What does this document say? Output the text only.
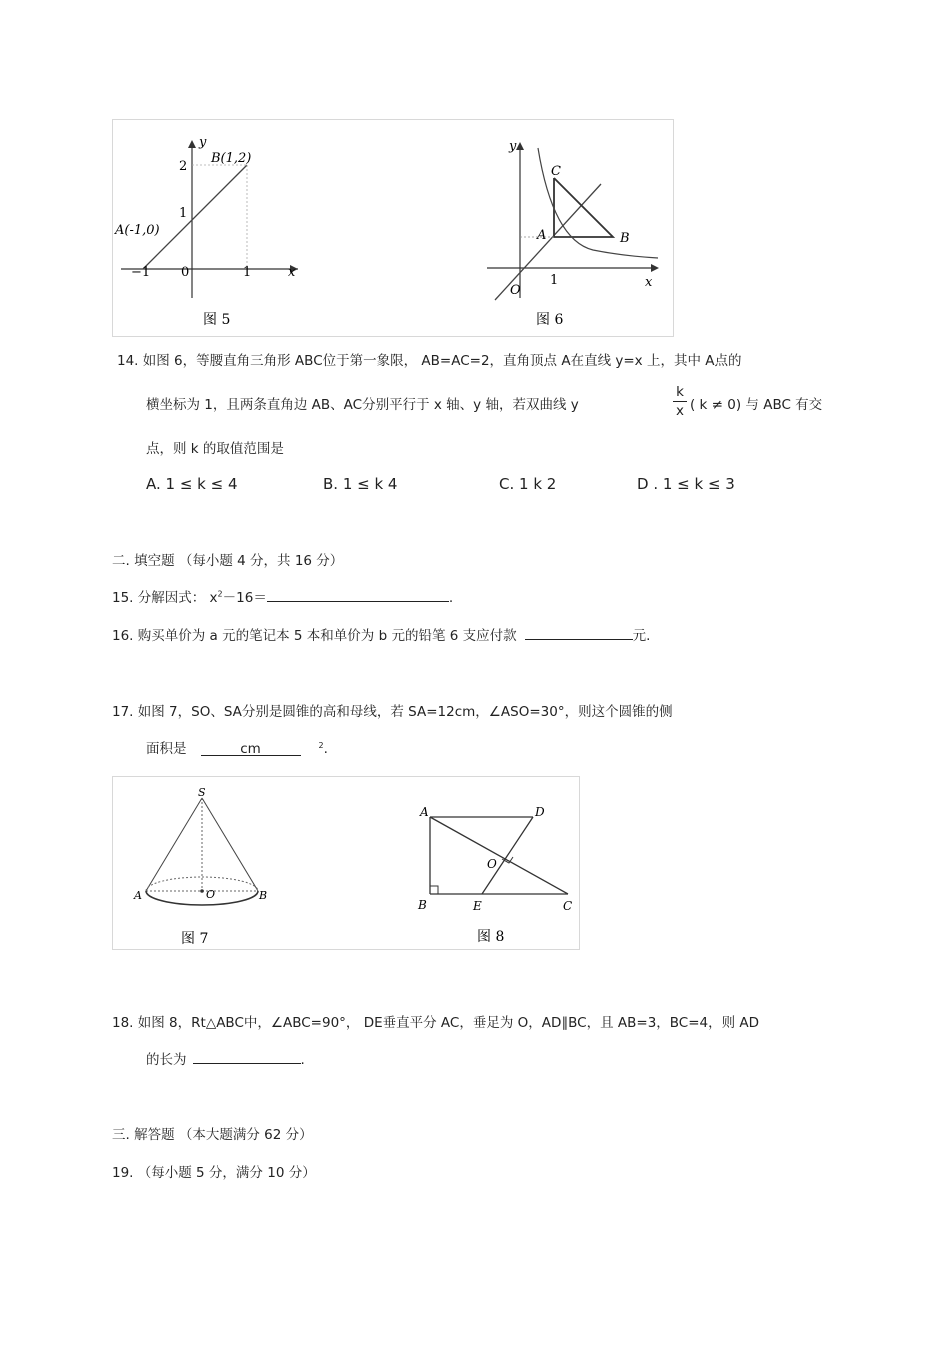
y
x
B(1,2)
A(-1,0)
2
1
−1 0	1
图 5
y
x
C
A	B
O
1
图 6
14. 如图 6，等腰直角三角形 ABC位于第一象限， AB=AC=2，直角顶点 A在直线 y=x 上，其中 A点的
横坐标为 1，且两条直角边 AB、AC分别平行于 x 轴、y 轴，若双曲线 y
k
x ( k ≠ 0) 与 ABC 有交
点，则 k 的取值范围是
A. 1 ≤ k ≤ 4	B. 1 ≤ k 4	C. 1 k 2	D . 1 ≤ k ≤ 3
二. 填空题 （每小题 4 分，共 16 分）
15. 分解因式： $x^2-16=$	.
16. 购买单价为 a 元的笔记本 5 本和单价为 b 元的铅笔 6 支应付款	元.
17. 如图 7，SO、SA分别是圆锥的高和母线，若 SA=12cm，∠ASO=30°，则这个圆锥的侧
面积是	cm	$^2$.
S
A	O	B
图 7
A	D
O
B	E	C
图 8
18. 如图 8，Rt△ABC中，∠ABC=90°， DE垂直平分 AC，垂足为 O，AD∥BC，且 AB=3，BC=4，则 AD
的长为	.
三. 解答题 （本大题满分 62 分）
19. （每小题 5 分，满分 10 分）
